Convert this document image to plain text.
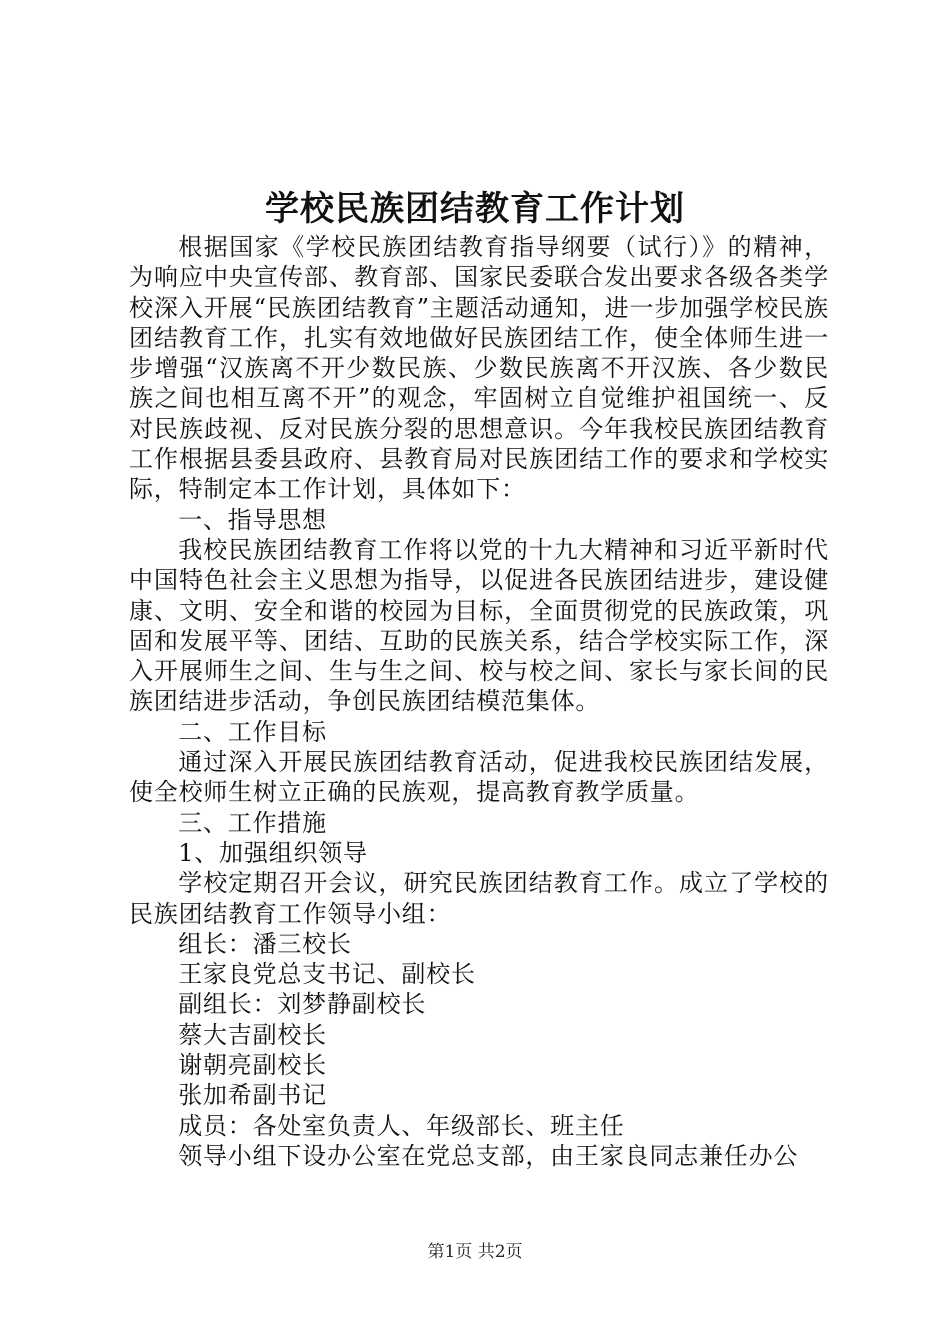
学校民族团结教育工作计划

根据国家《学校民族团结教育指导纲要（试行）》的精神，为响应中央宣传部、教育部、国家民委联合发出要求各级各类学校深入开展“民族团结教育”主题活动通知，进一步加强学校民族团结教育工作，扎实有效地做好民族团结工作，使全体师生进一步增强“汉族离不开少数民族、少数民族离不开汉族、各少数民族之间也相互离不开”的观念，牢固树立自觉维护祖国统一、反对民族歧视、反对民族分裂的思想意识。今年我校民族团结教育工作根据县委县政府、县教育局对民族团结工作的要求和学校实际，特制定本工作计划，具体如下：

一、指导思想

我校民族团结教育工作将以党的十九大精神和习近平新时代中国特色社会主义思想为指导，以促进各民族团结进步，建设健康、文明、安全和谐的校园为目标，全面贯彻党的民族政策，巩固和发展平等、团结、互助的民族关系，结合学校实际工作，深入开展师生之间、生与生之间、校与校之间、家长与家长间的民族团结进步活动，争创民族团结模范集体。

二、工作目标

通过深入开展民族团结教育活动，促进我校民族团结发展，使全校师生树立正确的民族观，提高教育教学质量。

三、工作措施

1、加强组织领导

学校定期召开会议，研究民族团结教育工作。成立了学校的民族团结教育工作领导小组：

组长：潘三校长

王家良党总支书记、副校长

副组长：刘梦静副校长

蔡大吉副校长

谢朝亮副校长

张加希副书记

成员：各处室负责人、年级部长、班主任

领导小组下设办公室在党总支部，由王家良同志兼任办公

第1页 共2页
